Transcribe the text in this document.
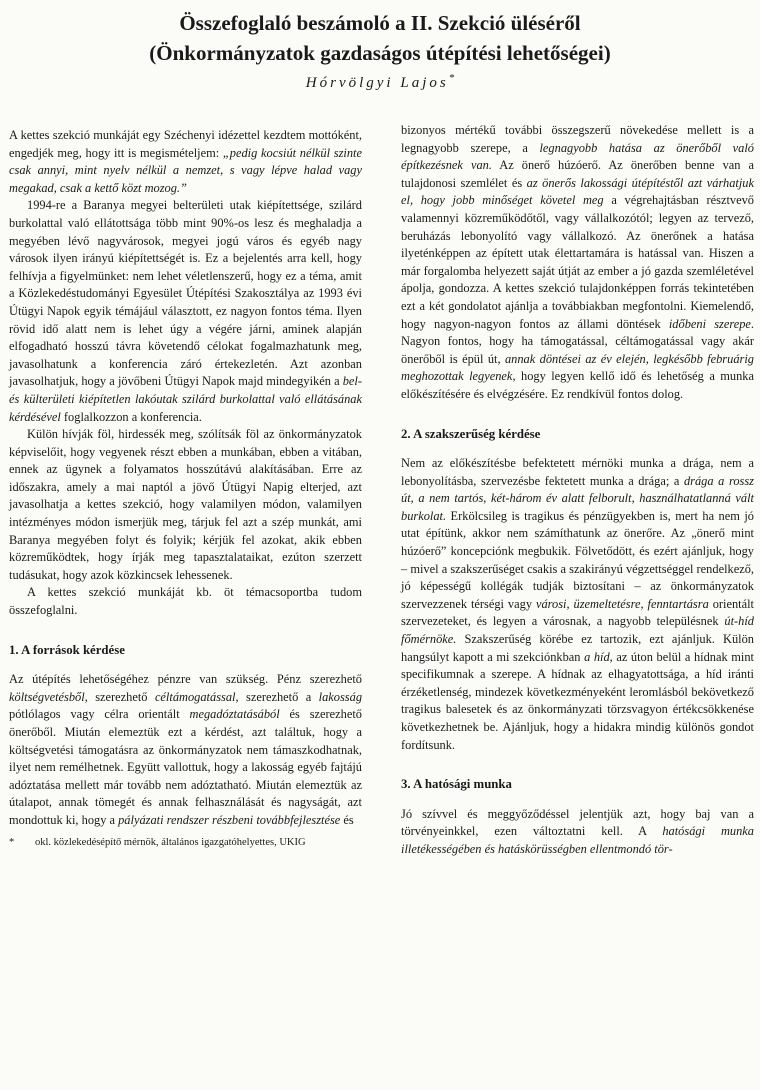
Összefoglaló beszámoló a II. Szekció üléséről
(Önkormányzatok gazdaságos útépítési lehetőségei)
Hórvölgyi Lajos*

A kettes szekció munkáját egy Széchenyi idézettel kezdtem mottóként, engedjék meg, hogy itt is megismételjem: „pedig kocsiút nélkül szinte csak annyi, mint nyelv nélkül a nemzet, s vagy lépve halad vagy megakad, csak a kettő közt mozog.”

1994-re a Baranya megyei belterületi utak kiépítettsége, szilárd burkolattal való ellátottsága több mint 90%-os lesz és meghaladja a megyében lévő nagyvárosok, megyei jogú város és egyéb nagy városok ilyen irányú kiépítettségét is. Ez a bejelentés arra kell, hogy felhívja a figyelmünket: nem lehet véletlenszerű, hogy ez a téma, amit a Közlekedéstudományi Egyesület Útépítési Szakosztálya az 1993 évi Útügyi Napok egyik témájául választott, ez nagyon fontos téma. Ilyen rövid idő alatt nem is lehet úgy a végére járni, aminek alapján elfogadható hosszú távra követendő célokat fogalmazhatunk meg, javasolhatunk a konferencia záró értekezletén. Azt azonban javasolhatjuk, hogy a jövőbeni Útügyi Napok majd mindegyikén a bel-és külterületi kiépítetlen lakóutak szilárd burkolattal való ellátásának kérdésével foglalkozzon a konferencia.

Külön hívják föl, hirdessék meg, szólítsák föl az önkormányzatok képviselőit, hogy vegyenek részt ebben a munkában, ebben a vitában, ennek az ügynek a folyamatos hosszútávú alakításában. Erre az időszakra, amely a mai naptól a jövő Útügyi Napig elterjed, azt javasolhatja a kettes szekció, hogy valamilyen módon, valamilyen intézményes módon ismerjük meg, tárjuk fel azt a szép munkát, ami Baranya megyében folyt és folyik; kérjük fel azokat, akik ebben közreműködtek, hogy írják meg tapasztalataikat, ezúton szerzett tudásukat, hogy azok közkincsek lehessenek.

A kettes szekció munkáját kb. öt témacsoportba tudom összefoglalni.

1. A források kérdése

Az útépítés lehetőségéhez pénzre van szükség. Pénz szerezhető költségvetésből, szerezhető céltámogatással, szerezhető a lakosság pótlólagos vagy célra orientált megadóztatásából és szerezhető önerőből. Miután elemeztük ezt a kérdést, azt találtuk, hogy a költségvetési támogatásra az önkormányzatok nem támaszkodhatnak, ilyet nem remélhetnek. Együtt vallottuk, hogy a lakosság egyéb fajtájú adóztatása mellett már tovább nem adóztatható. Miután elemeztük az útalapot, annak tömegét és annak felhasználását és nagyságát, azt mondottuk ki, hogy a pályázati rendszer részbeni továbbfejlesztése és

* okl. közlekedésépítő mérnök, általános igazgatóhelyettes, UKIG

bizonyos mértékű további összegszerű növekedése mellett is a legnagyobb szerepe, a legnagyobb hatása az önerőből való építkezésnek van. Az önerő húzóerő. Az önerőben benne van a tulajdonosi szemlélet és az önerős lakossági útépítéstől azt várhatjuk el, hogy jobb minőséget követel meg a végrehajtásban résztvevő valamennyi közreműködőtől, vagy vállalkozótól; legyen az tervező, beruházás lebonyolító vagy vállalkozó. Az önerőnek a hatása ilyeténképpen az épített utak élettartamára is hatással van. Hiszen a már forgalomba helyezett saját útját az ember a jó gazda szemléletével ápolja, gondozza. A kettes szekció tulajdonképpen forrás tekintetében ezt a két gondolatot ajánlja a továbbiakban megfontolni. Kiemelendő, hogy nagyon-nagyon fontos az állami döntések időbeni szerepe. Nagyon fontos, hogy ha támogatással, céltámogatással vagy akár önerőből is épül út, annak döntései az év elején, legkésőbb februárig meghozottak legyenek, hogy legyen kellő idő és lehetőség a munka előkészítésére és elvégzésére. Ez rendkívül fontos dolog.

2. A szakszerűség kérdése

Nem az előkészítésbe befektetett mérnöki munka a drága, nem a lebonyolításba, szervezésbe fektetett munka a drága; a drága a rossz út, a nem tartós, két-három év alatt felborult, használhatatlanná vált burkolat. Erkölcsileg is tragikus és pénzügyekben is, mert ha nem jó utat építünk, akkor nem számíthatunk az önerőre. Az „önerő mint húzóerő” koncepciónk megbukik. Fölvetődött, és ezért ajánljuk, hogy – mivel a szakszerűséget csakis a szakirányú végzettséggel rendelkező, jó képességű kollégák tudják biztosítani – az önkormányzatok szervezzenek térségi vagy városi, üzemeltetésre, fenntartásra orientált szervezeteket, és legyen a városnak, a nagyobb településnek út-híd főmérnöke. Szakszerűség körébe ez tartozik, ezt ajánljuk. Külön hangsúlyt kapott a mi szekciónkban a híd, az úton belül a hídnak mint specifikumnak a szerepe. A hídnak az elhagyatottsága, a híd iránti érzéketlenség, mindezek következményeként leromlásból bekövetkező tragikus balesetek és az önkormányzati törzsvagyon értékcsökkenése következhetnek be. Ajánljuk, hogy a hidakra mindig különös gondot fordítsunk.

3. A hatósági munka

Jó szívvel és meggyőződéssel jelentjük azt, hogy baj van a törvényeinkkel, ezen változtatni kell. A hatósági munka illetékességében és hatáskörüsségben ellentmondó tör-
